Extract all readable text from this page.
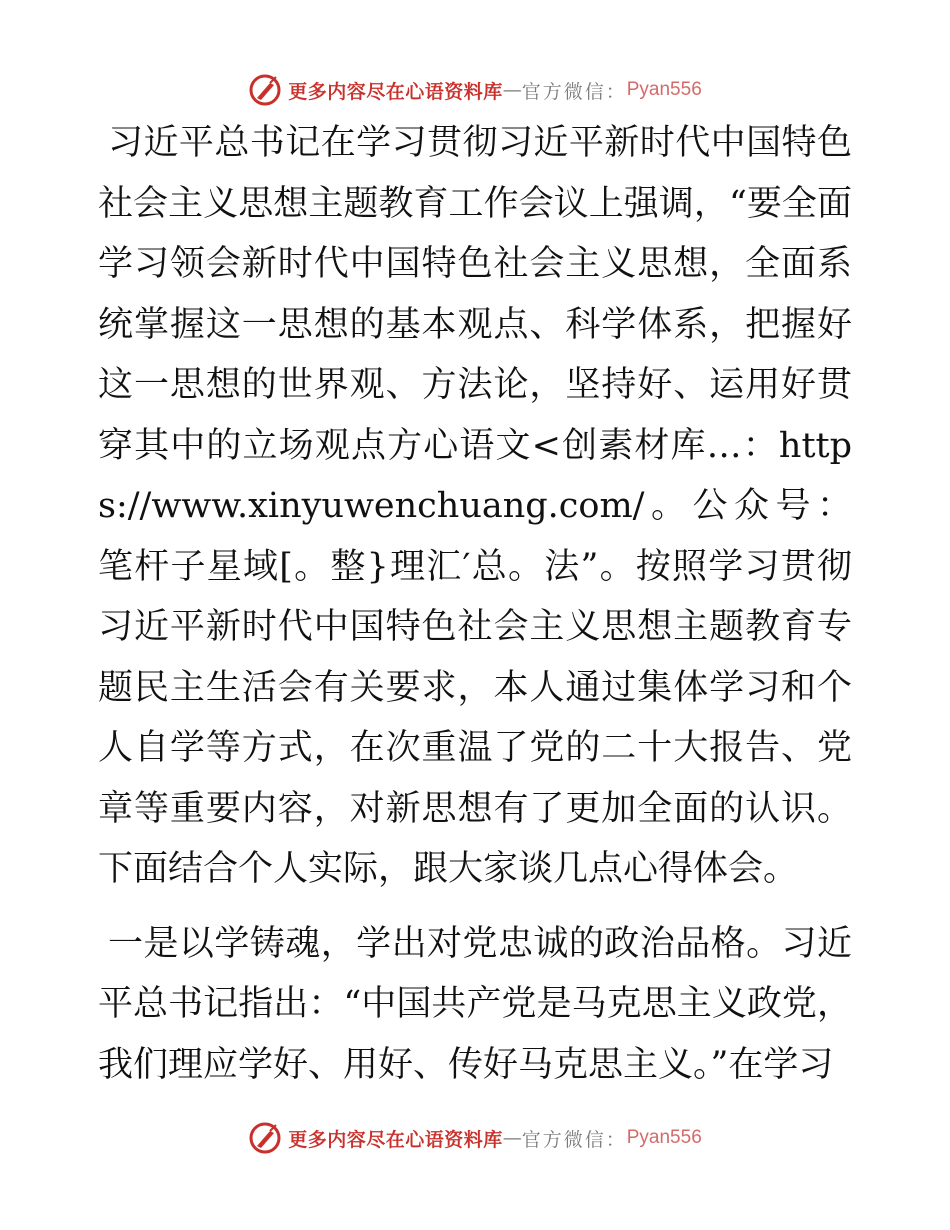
更多内容尽在心语资料库 — 官方微信： Pyan556

习近平总书记在学习贯彻习近平新时代中国特色社会主义思想主题教育工作会议上强调，“要全面学习领会新时代中国特色社会主义思想，全面系统掌握这一思想的基本观点、科学体系，把握好这一思想的世界观、方法论，坚持好、运用好贯穿其中的立场观点方心语文<创素材库…：https://www.xinyuwenchuang.com/。公众号：笔杆子星域[。整}理汇′总。法”。按照学习贯彻习近平新时代中国特色社会主义思想主题教育专题民主生活会有关要求，本人通过集体学习和个人自学等方式，在次重温了党的二十大报告、党章等重要内容，对新思想有了更加全面的认识。下面结合个人实际，跟大家谈几点心得体会。

一是以学铸魂，学出对党忠诚的政治品格。习近平总书记指出：“中国共产党是马克思主义政党，我们理应学好、用好、传好马克思主义。”在学习

更多内容尽在心语资料库 — 官方微信： Pyan556
